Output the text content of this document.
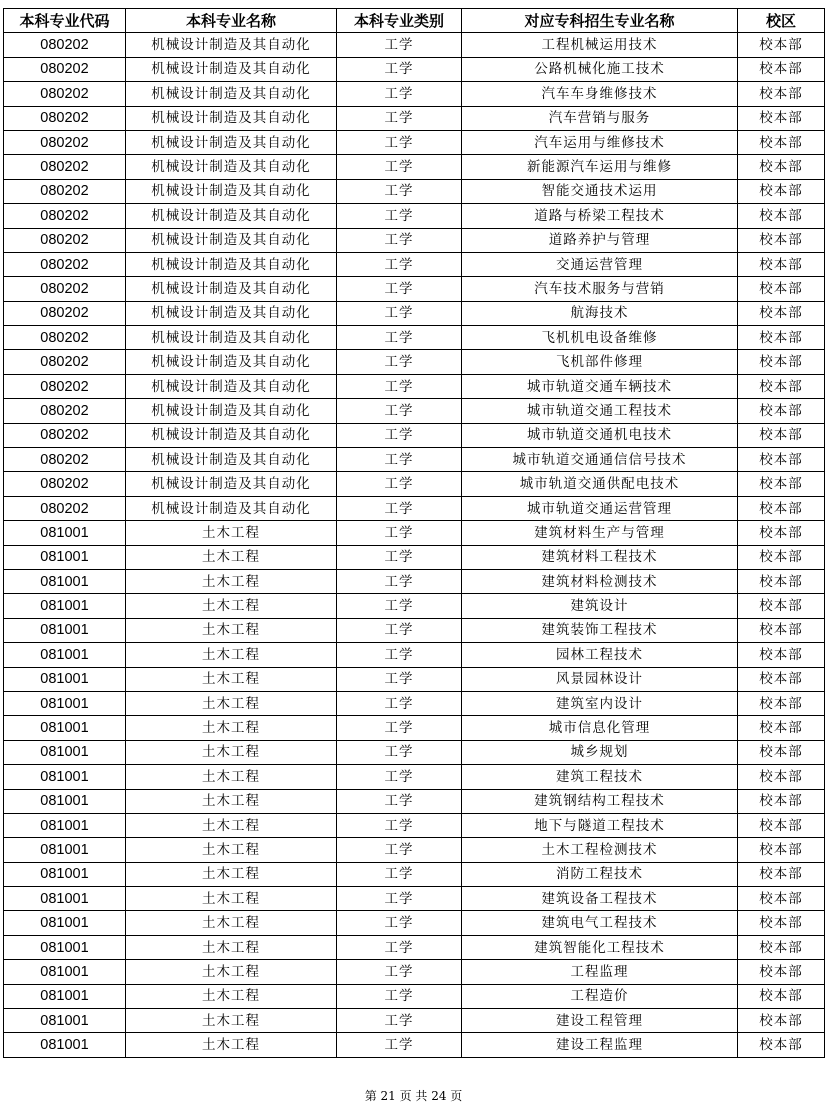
本科专业代码	本科专业名称	本科专业类别	对应专科招生专业名称	校区
080202	机械设计制造及其自动化	工学	工程机械运用技术	校本部
080202	机械设计制造及其自动化	工学	公路机械化施工技术	校本部
080202	机械设计制造及其自动化	工学	汽车车身维修技术	校本部
080202	机械设计制造及其自动化	工学	汽车营销与服务	校本部
080202	机械设计制造及其自动化	工学	汽车运用与维修技术	校本部
080202	机械设计制造及其自动化	工学	新能源汽车运用与维修	校本部
080202	机械设计制造及其自动化	工学	智能交通技术运用	校本部
080202	机械设计制造及其自动化	工学	道路与桥梁工程技术	校本部
080202	机械设计制造及其自动化	工学	道路养护与管理	校本部
080202	机械设计制造及其自动化	工学	交通运营管理	校本部
080202	机械设计制造及其自动化	工学	汽车技术服务与营销	校本部
080202	机械设计制造及其自动化	工学	航海技术	校本部
080202	机械设计制造及其自动化	工学	飞机机电设备维修	校本部
080202	机械设计制造及其自动化	工学	飞机部件修理	校本部
080202	机械设计制造及其自动化	工学	城市轨道交通车辆技术	校本部
080202	机械设计制造及其自动化	工学	城市轨道交通工程技术	校本部
080202	机械设计制造及其自动化	工学	城市轨道交通机电技术	校本部
080202	机械设计制造及其自动化	工学	城市轨道交通通信信号技术	校本部
080202	机械设计制造及其自动化	工学	城市轨道交通供配电技术	校本部
080202	机械设计制造及其自动化	工学	城市轨道交通运营管理	校本部
081001	土木工程	工学	建筑材料生产与管理	校本部
081001	土木工程	工学	建筑材料工程技术	校本部
081001	土木工程	工学	建筑材料检测技术	校本部
081001	土木工程	工学	建筑设计	校本部
081001	土木工程	工学	建筑装饰工程技术	校本部
081001	土木工程	工学	园林工程技术	校本部
081001	土木工程	工学	风景园林设计	校本部
081001	土木工程	工学	建筑室内设计	校本部
081001	土木工程	工学	城市信息化管理	校本部
081001	土木工程	工学	城乡规划	校本部
081001	土木工程	工学	建筑工程技术	校本部
081001	土木工程	工学	建筑钢结构工程技术	校本部
081001	土木工程	工学	地下与隧道工程技术	校本部
081001	土木工程	工学	土木工程检测技术	校本部
081001	土木工程	工学	消防工程技术	校本部
081001	土木工程	工学	建筑设备工程技术	校本部
081001	土木工程	工学	建筑电气工程技术	校本部
081001	土木工程	工学	建筑智能化工程技术	校本部
081001	土木工程	工学	工程监理	校本部
081001	土木工程	工学	工程造价	校本部
081001	土木工程	工学	建设工程管理	校本部
081001	土木工程	工学	建设工程监理	校本部
第 21 页 共 24 页
